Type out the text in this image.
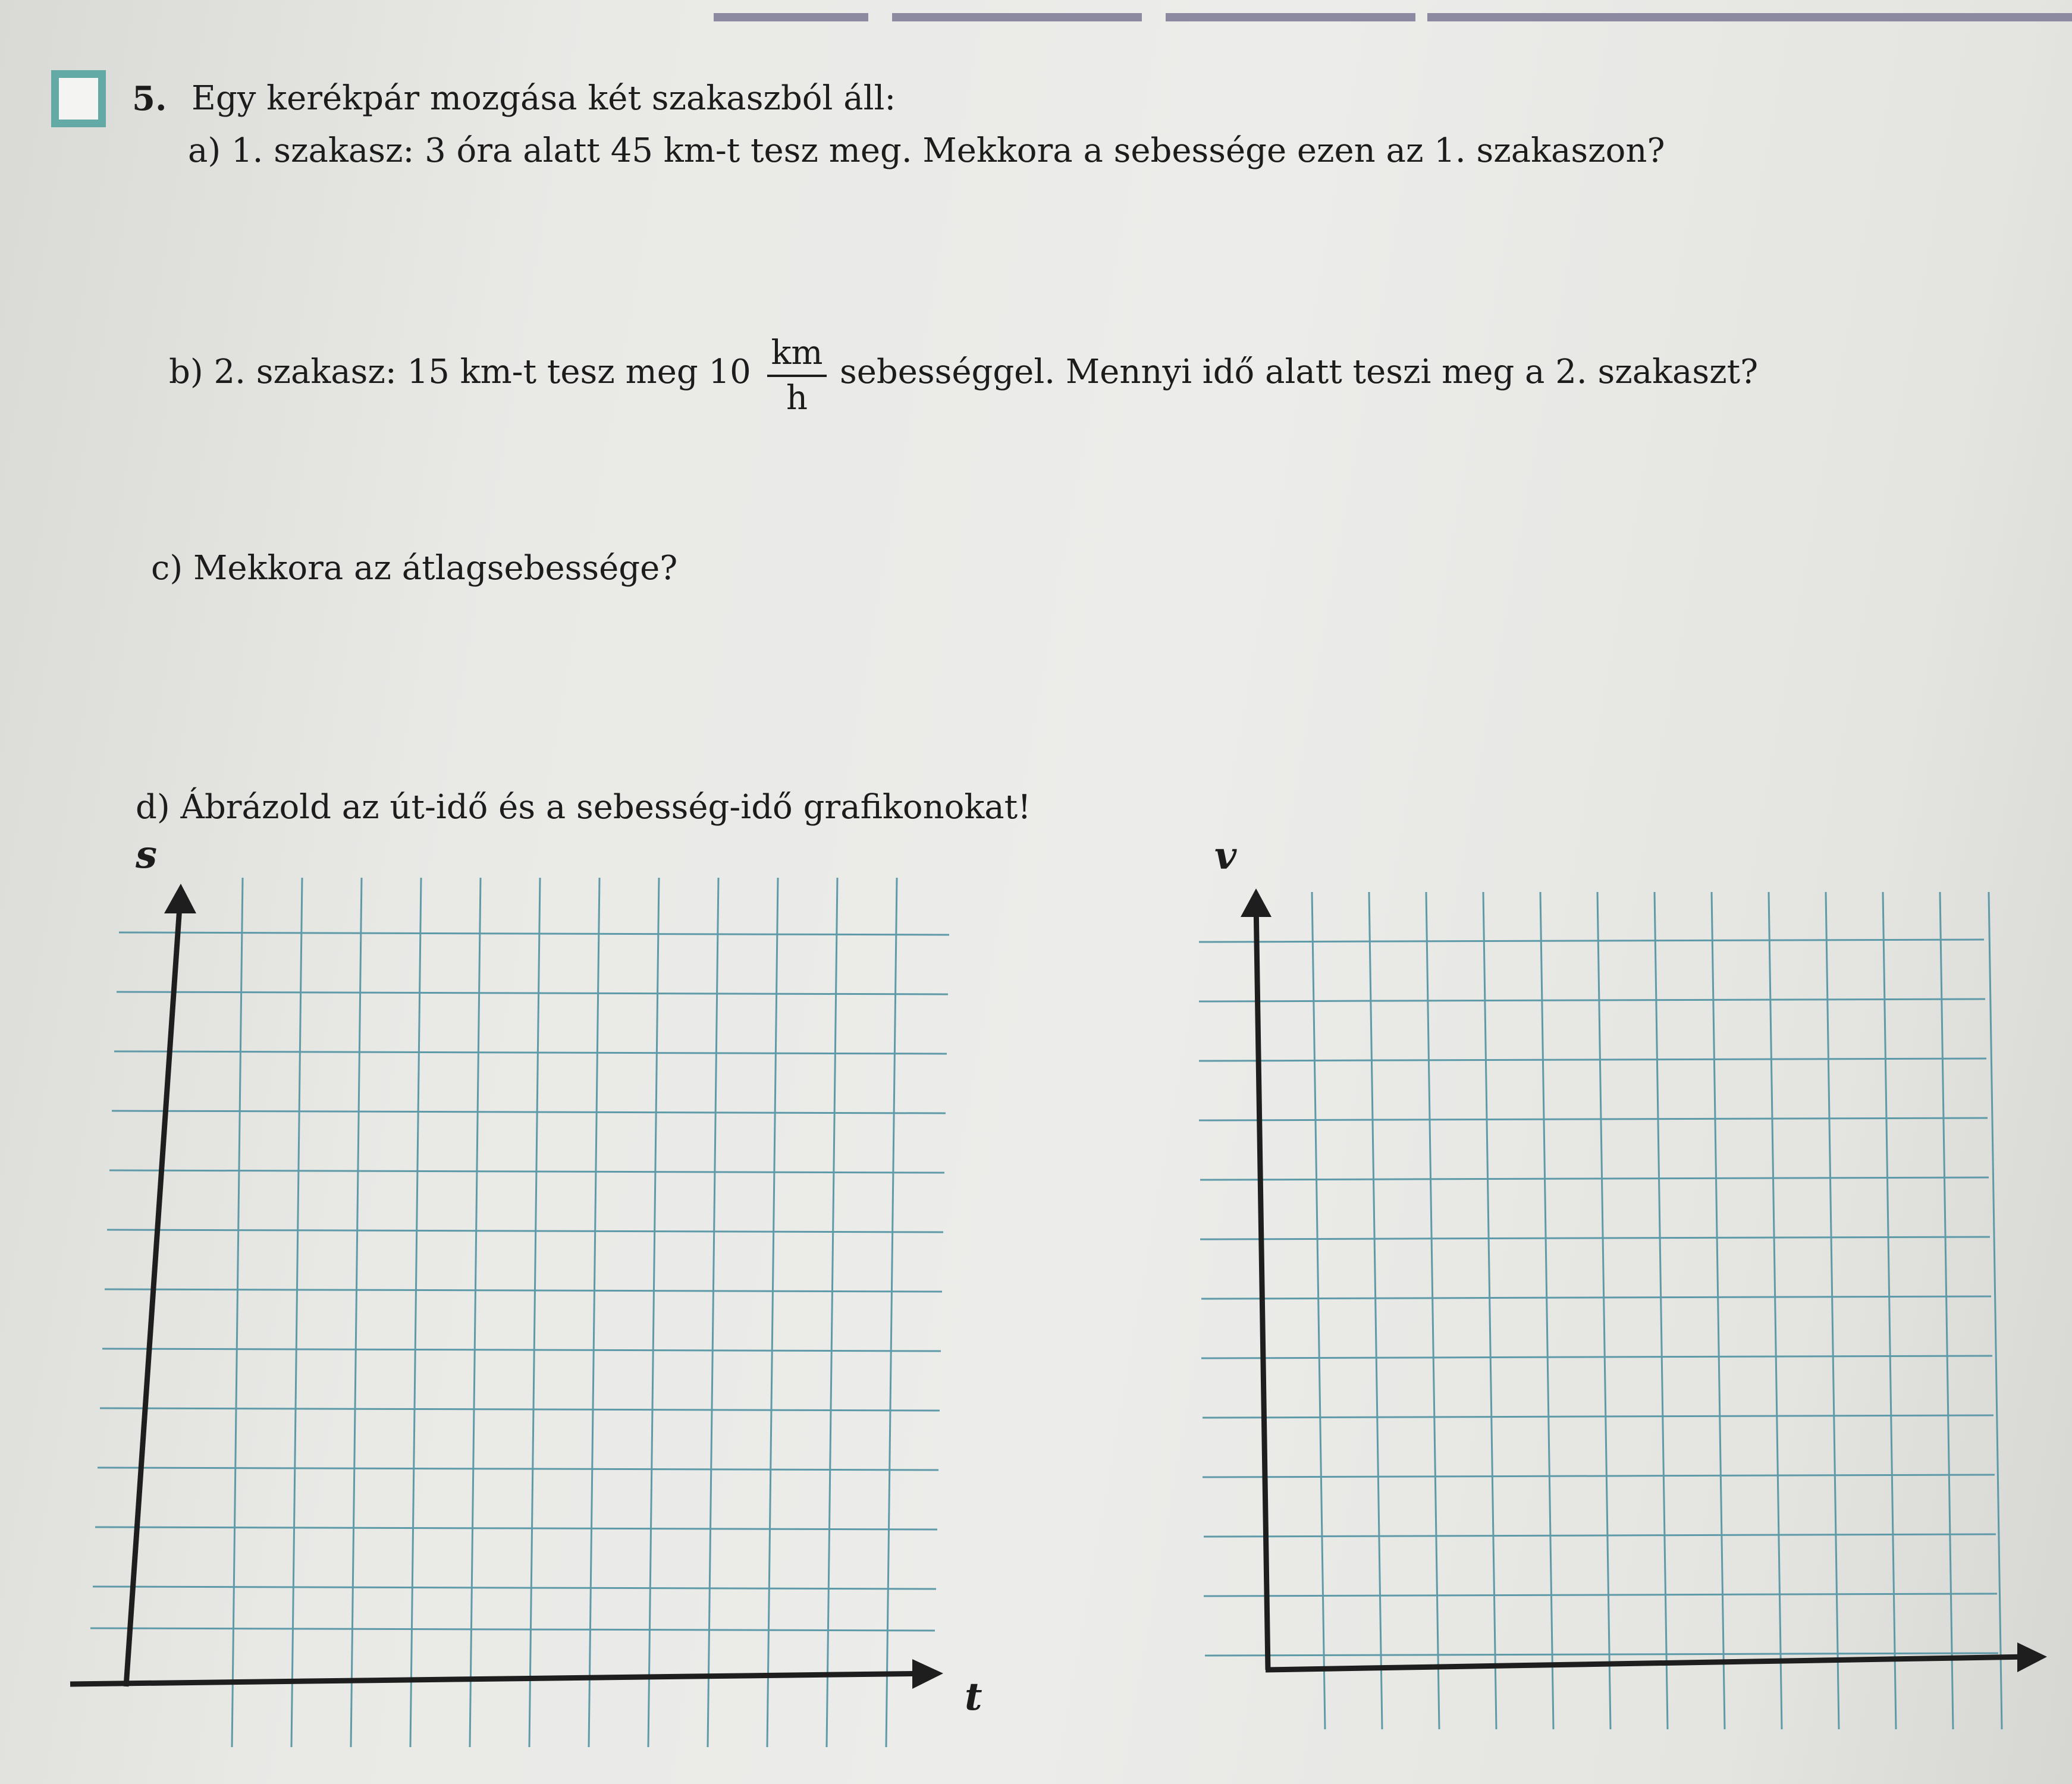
5. Egy kerékpár mozgása két szakaszból áll:
a) 1. szakasz: 3 óra alatt 45 km-t tesz meg. Mekkora a sebessége ezen az 1. szakaszon?
b) 2. szakasz: 15 km-t tesz meg 10 km
h
sebességgel. Mennyi idő alatt teszi meg a 2. szakaszt?
c) Mekkora az átlagsebessége?
d) Ábrázold az út-idő és a sebesség-idő grafikonokat!
s
t
v
